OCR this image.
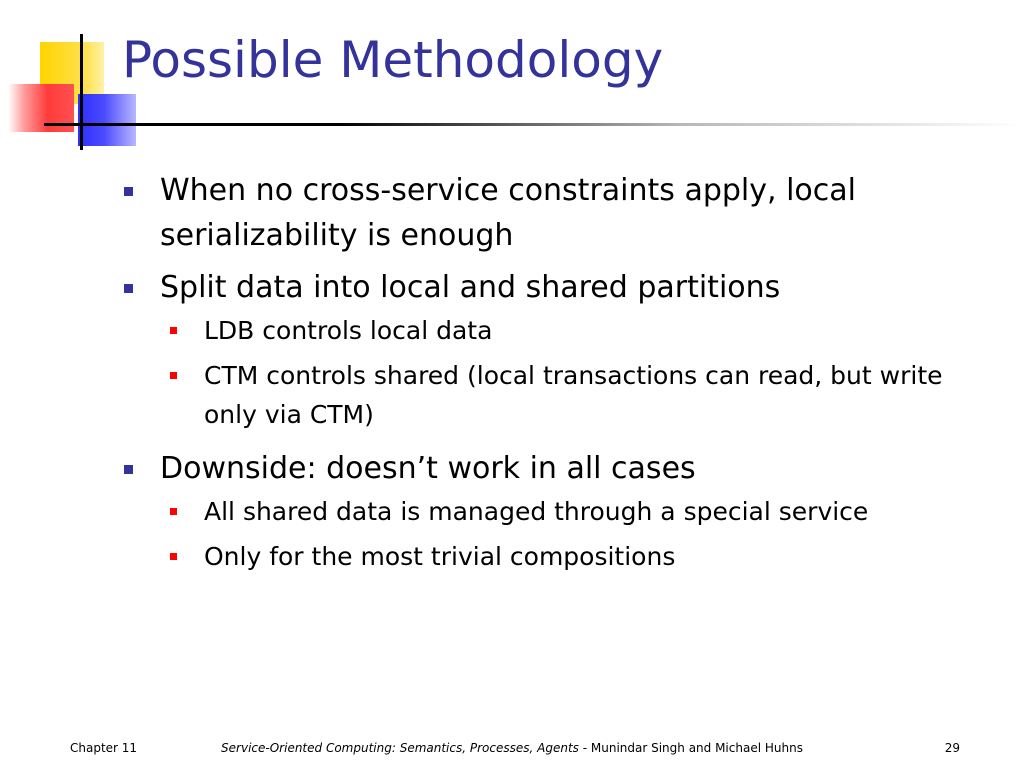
Possible Methodology
When no cross-service constraints apply, local serializability is enough
Split data into local and shared partitions
LDB controls local data
CTM controls shared (local transactions can read, but write only via CTM)
Downside: doesn’t work in all cases
All shared data is managed through a special service
Only for the most trivial compositions
Chapter 11	Service-Oriented Computing: Semantics, Processes, Agents - Munindar Singh and Michael Huhns	29
